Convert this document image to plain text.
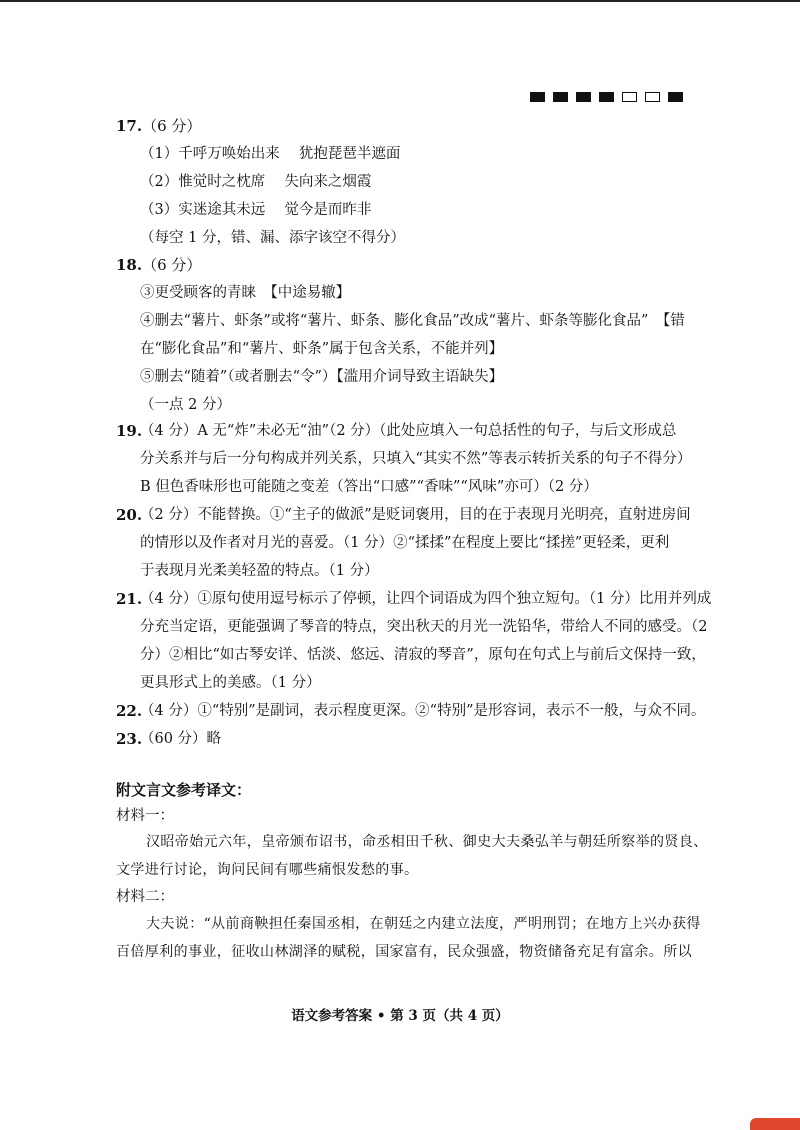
17.（6 分）
（1）千呼万唤始出来　 犹抱琵琶半遮面
（2）惟觉时之枕席　 失向来之烟霞
（3）实迷途其未远　 觉今是而昨非
（每空 1 分，错、漏、添字该空不得分）
18.（6 分）
③更受顾客的青睐　【中途易辙】
④删去“薯片、虾条”或将“薯片、虾条、膨化食品”改成“薯片、虾条等膨化食品”　【错
在“膨化食品”和“薯片、虾条”属于包含关系，不能并列】
⑤删去“随着”（或者删去“令”）【滥用介词导致主语缺失】
（一点 2 分）
19.
（4 分）A 无“炸”未必无“油”（2 分）（此处应填入一句总括性的句子，与后文形成总
分关系并与后一分句构成并列关系，只填入“其实不然”等表示转折关系的句子不得分）
B 但色香味形也可能随之变差（答出“口感”“香味”“风味”亦可）（2 分）
20.
（2 分）不能替换。①“主子的做派”是贬词褒用，目的在于表现月光明亮，直射进房间
的情形以及作者对月光的喜爱。（1 分）②“揉揉”在程度上要比“揉搓”更轻柔，更利
于表现月光柔美轻盈的特点。（1 分）
21.
（4 分）①原句使用逗号标示了停顿，让四个词语成为四个独立短句。（1 分）比用并列成
分充当定语，更能强调了琴音的特点，突出秋天的月光一洗铅华，带给人不同的感受。（2
分）②相比“如古琴安详、恬淡、悠远、清寂的琴音”，原句在句式上与前后文保持一致，
更具形式上的美感。（1 分）
22.
（4 分）①“特别”是副词，表示程度更深。②“特别”是形容词，表示不一般，与众不同。
23.
（60 分）略
附文言文参考译文：
材料一：
汉昭帝始元六年，皇帝颁布诏书，命丞相田千秋、御史大夫桑弘羊与朝廷所察举的贤良、
文学进行讨论，询问民间有哪些痛恨发愁的事。
材料二：
大夫说：“从前商鞅担任秦国丞相，在朝廷之内建立法度，严明刑罚；在地方上兴办获得
百倍厚利的事业，征收山林湖泽的赋税，国家富有，民众强盛，物资储备充足有富余。所以
语文参考答案 • 第 3 页（共 4 页）
